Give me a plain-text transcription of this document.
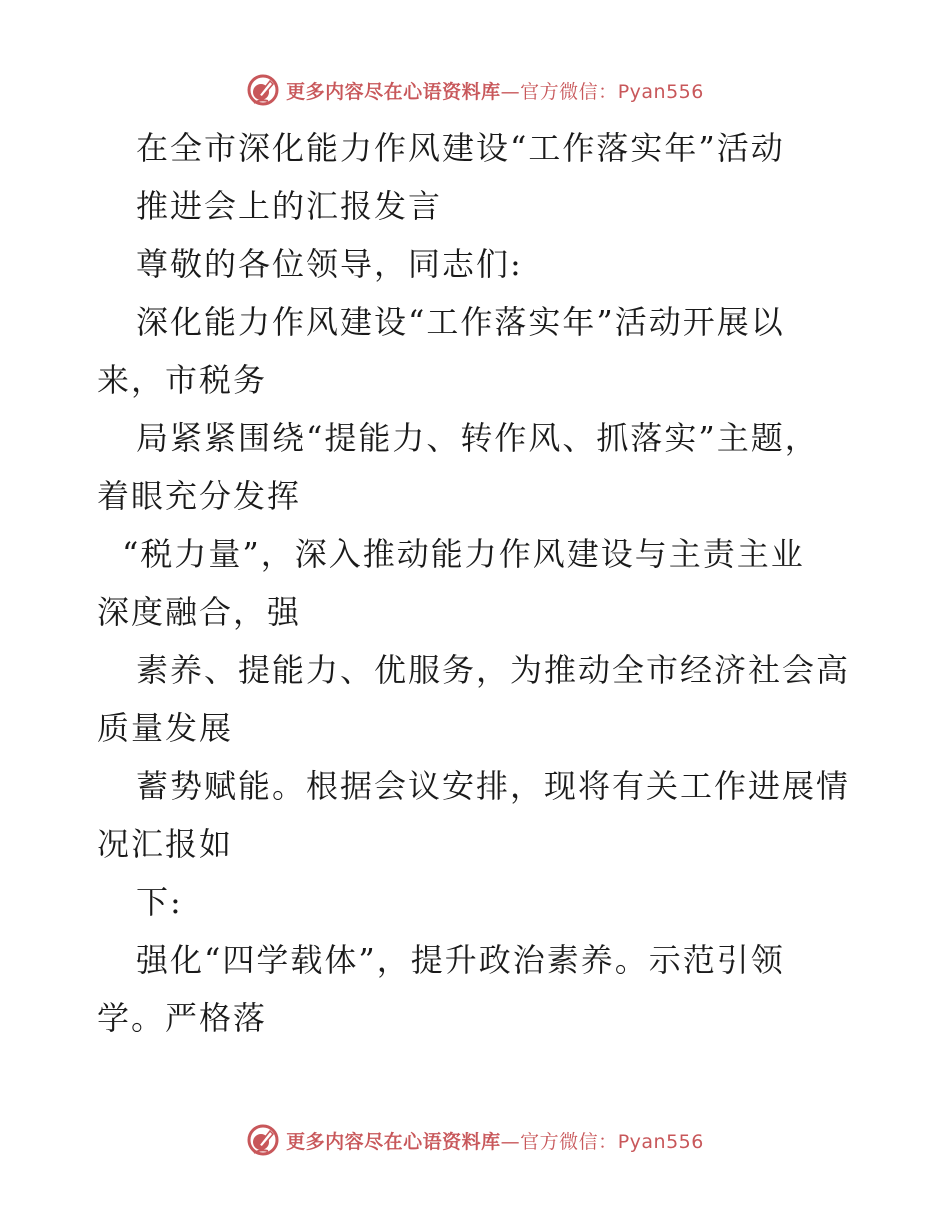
更多内容尽在心语资料库—官方微信：Pyan556
在全市深化能力作风建设“工作落实年”活动
推进会上的汇报发言
尊敬的各位领导，同志们:
深化能力作风建设“工作落实年”活动开展以
来，市税务
局紧紧围绕“提能力、转作风、抓落实”主题，
着眼充分发挥
“税力量”，深入推动能力作风建设与主责主业
深度融合，强
素养、提能力、优服务，为推动全市经济社会高
质量发展
蓄势赋能。根据会议安排，现将有关工作进展情
况汇报如
下:
强化“四学载体”，提升政治素养。示范引领
学。严格落
更多内容尽在心语资料库—官方微信：Pyan556
